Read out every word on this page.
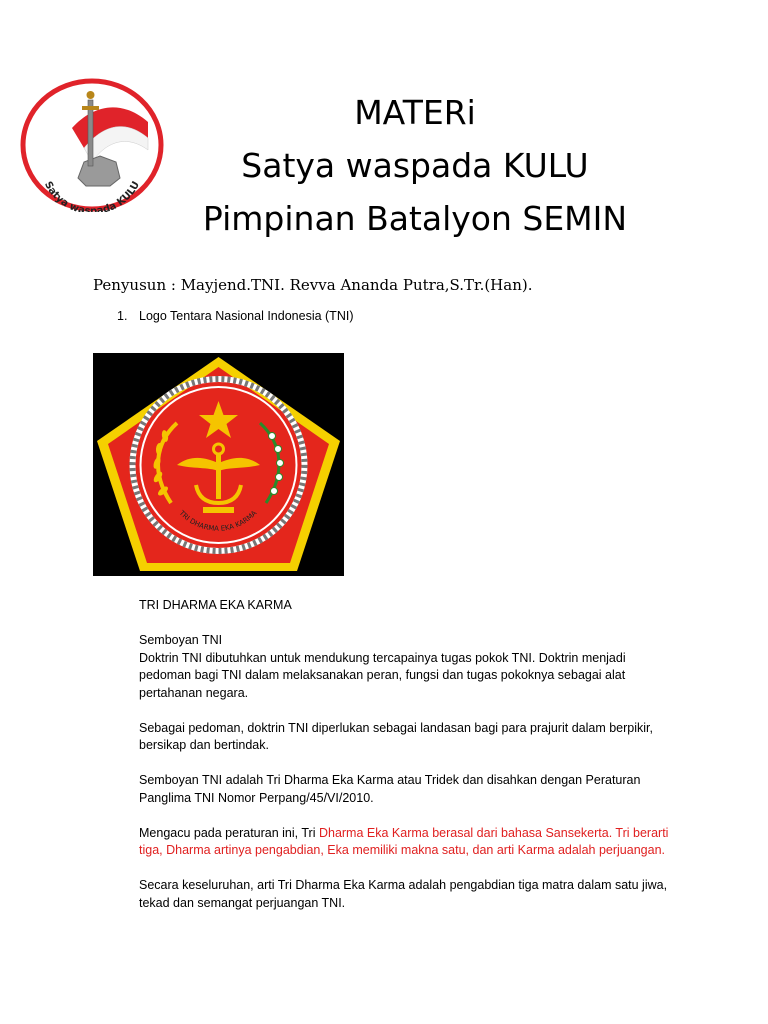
Satya waspada KULU
MATERi
Satya waspada KULU
Pimpinan Batalyon SEMIN
Penyusun : Mayjend.TNI. Revva Ananda Putra,S.Tr.(Han).
1. Logo Tentara Nasional Indonesia (TNI)
TRI DHARMA EKA KARMA

TRI DHARMA EKA KARMA

Semboyan TNI
Doktrin TNI dibutuhkan untuk mendukung tercapainya tugas pokok TNI. Doktrin menjadi pedoman bagi TNI dalam melaksanakan peran, fungsi dan tugas pokoknya sebagai alat pertahanan negara.

Sebagai pedoman, doktrin TNI diperlukan sebagai landasan bagi para prajurit dalam berpikir, bersikap dan bertindak.

Semboyan TNI adalah Tri Dharma Eka Karma atau Tridek dan disahkan dengan Peraturan Panglima TNI Nomor Perpang/45/VI/2010.

Mengacu pada peraturan ini, Tri Dharma Eka Karma berasal dari bahasa Sansekerta. Tri berarti tiga, Dharma artinya pengabdian, Eka memiliki makna satu, dan arti Karma adalah perjuangan.

Secara keseluruhan, arti Tri Dharma Eka Karma adalah pengabdian tiga matra dalam satu jiwa, tekad dan semangat perjuangan TNI.
